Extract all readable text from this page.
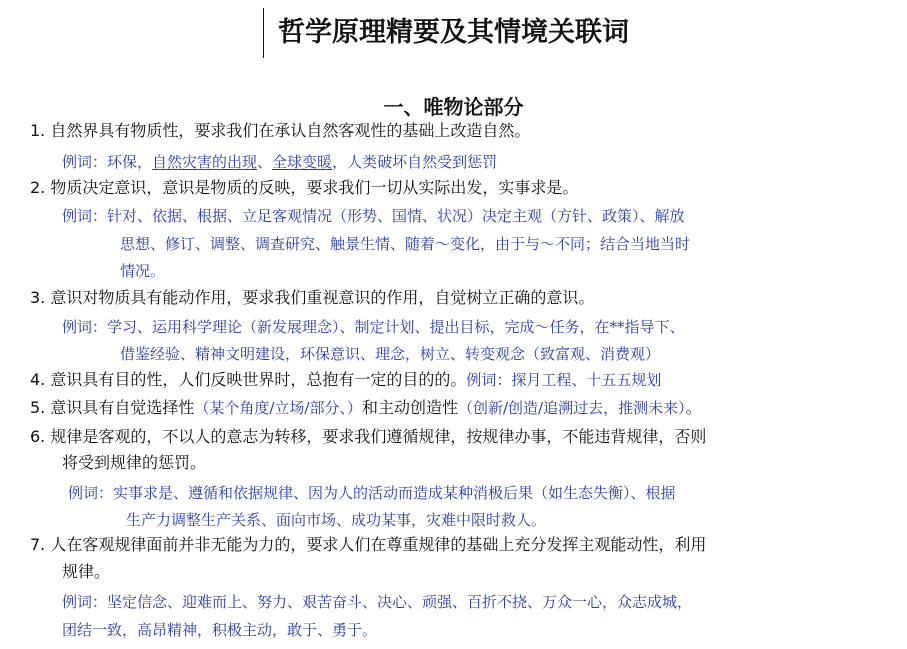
哲学原理精要及其情境关联词
一、唯物论部分
1. 自然界具有物质性，要求我们在承认自然客观性的基础上改造自然。
例词：环保，自然灾害的出现、全球变暖，人类破坏自然受到惩罚
2. 物质决定意识，意识是物质的反映，要求我们一切从实际出发，实事求是。
例词：针对、依据、根据、立足客观情况（形势、国情、状况）决定主观（方针、政策）、解放
思想、修订、调整、调查研究、触景生情、随着～变化，由于与～不同；结合当地当时
情况。
3. 意识对物质具有能动作用，要求我们重视意识的作用，自觉树立正确的意识。
例词：学习、运用科学理论（新发展理念）、制定计划、提出目标，完成～任务，在**指导下、
借鉴经验、精神文明建设，环保意识、理念，树立、转变观念（致富观、消费观）
4. 意识具有目的性，人们反映世界时，总抱有一定的目的的。例词：探月工程、十五五规划
5. 意识具有自觉选择性（某个角度/立场/部分、）和主动创造性（创新/创造/追溯过去，推测未来）。
6. 规律是客观的，不以人的意志为转移，要求我们遵循规律，按规律办事，不能违背规律，否则
将受到规律的惩罚。
例词：实事求是、遵循和依据规律、因为人的活动而造成某种消极后果（如生态失衡）、根据
生产力调整生产关系、面向市场、成功某事，灾难中限时救人。
7. 人在客观规律面前并非无能为力的，要求人们在尊重规律的基础上充分发挥主观能动性，利用
规律。
例词：坚定信念、迎难而上、努力、艰苦奋斗、决心、顽强、百折不挠、万众一心，众志成城，
团结一致，高昂精神，积极主动，敢于、勇于。
